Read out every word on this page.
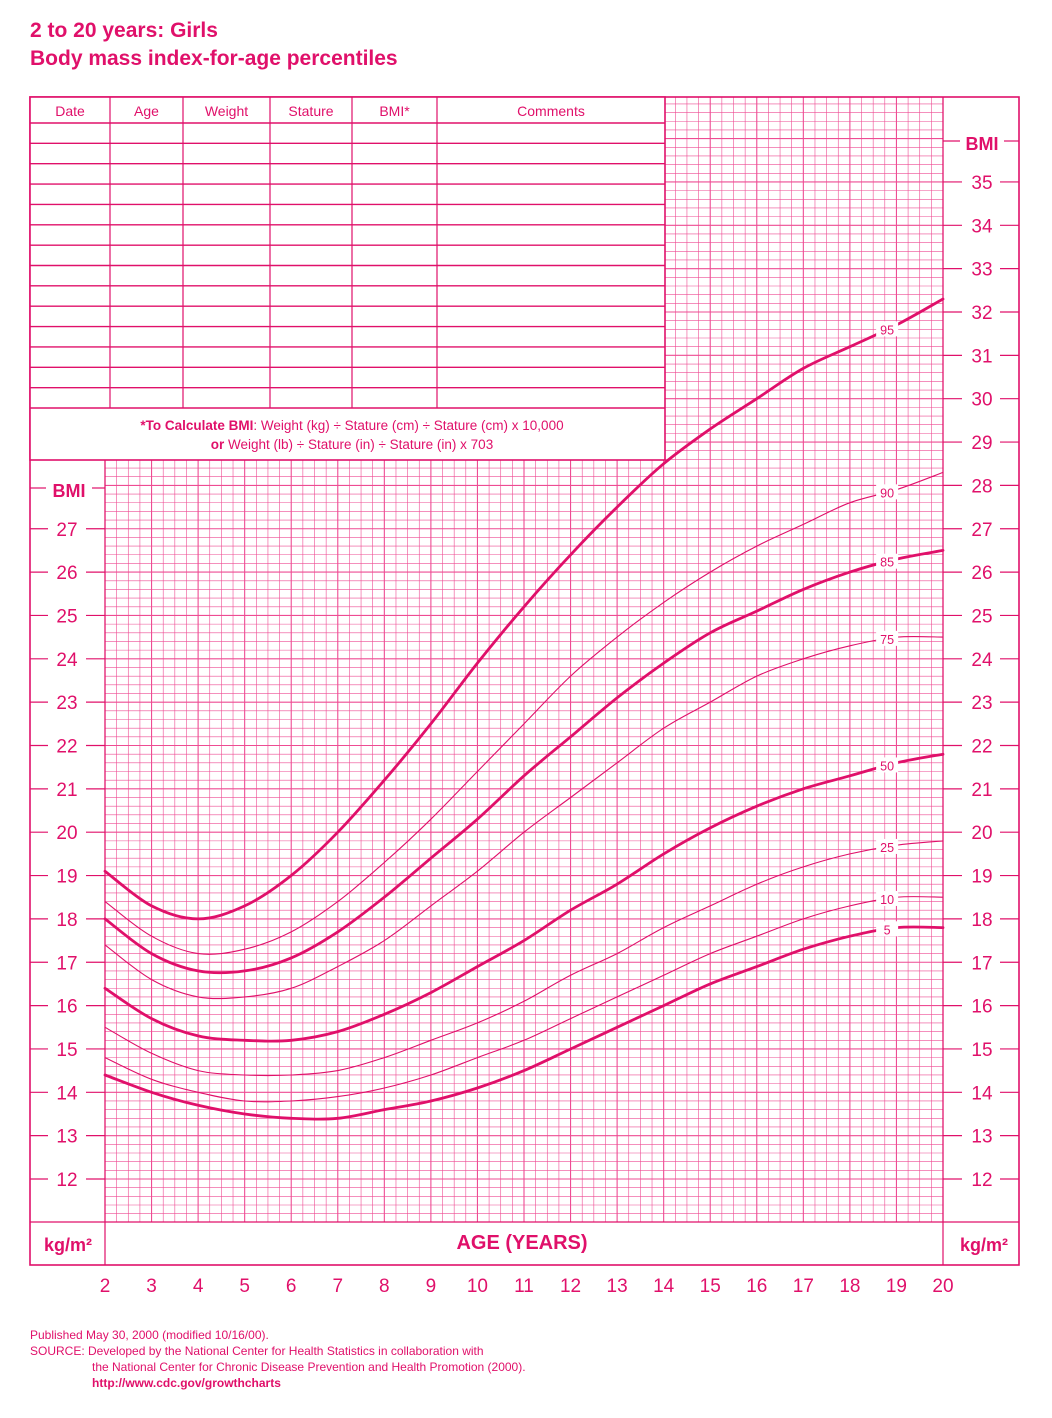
2 to 20 years: Girls
Body mass index-for-age percentiles
12
13
14
15
16
17
18
19
20
21
22
23
24
25
26
27
12
13
14
15
16
17
18
19
20
21
22
23
24
25
26
27
28
29
30
31
32
33
34
35
BMI
BMI
kg/m²	kg/m²
AGE (YEARS)
2 3 4 5 6 7 8 9 10 11 12 13 14 15 16 17 18 19 20
Date	Age	Weight	Stature	BMI*	Comments
*To Calculate BMI: Weight (kg) ÷ Stature (cm) ÷ Stature (cm) x 10,000
or Weight (lb) ÷ Stature (in) ÷ Stature (in) x 703
95
90
85
75
50
25
10
5
Published May 30, 2000 (modified 10/16/00).
SOURCE: Developed by the National Center for Health Statistics in collaboration with
the National Center for Chronic Disease Prevention and Health Promotion (2000).
http://www.cdc.gov/growthcharts
